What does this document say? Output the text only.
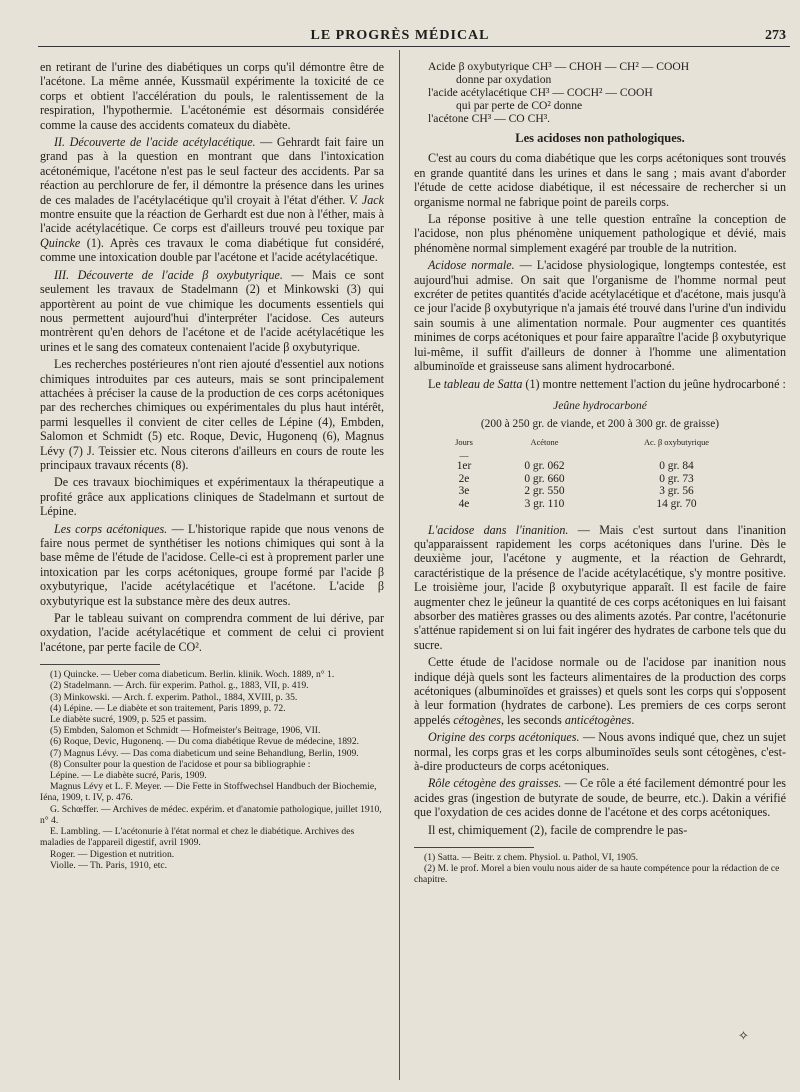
LE PROGRÈS MÉDICAL	273

en retirant de l'urine des diabétiques un corps qu'il démontre être de l'acétone. La même année, Kussmaül expérimente la toxicité de ce corps et obtient l'accélération du pouls, le ralentissement de la respiration, l'hypothermie. L'acétonémie est désormais considérée comme la cause des accidents comateux du diabète.

II. Découverte de l'acide acétylacétique. — Gehrardt fait faire un grand pas à la question en montrant que dans l'intoxication acétonémique, l'acétone n'est pas le seul facteur des accidents. Par sa réaction au perchlorure de fer, il démontre la présence dans les urines de ces malades de l'acétylacétique qu'il croyait à l'état d'éther. V. Jack montre ensuite que la réaction de Gerhardt est due non à l'éther, mais à l'acide acétylacétique. Ce corps est d'ailleurs trouvé peu toxique par Quincke (1). Après ces travaux le coma diabétique fut considéré, comme une intoxication double par l'acétone et l'acide acétylacétique.

III. Découverte de l'acide β oxybutyrique. — Mais ce sont seulement les travaux de Stadelmann (2) et Minkowski (3) qui apportèrent au point de vue chimique les documents essentiels qui nous permettent aujourd'hui d'interpréter l'acidose. Ces auteurs montrèrent qu'en dehors de l'acétone et de l'acide acétylacétique les urines et le sang des comateux contenaient l'acide β oxybutyrique.

Les recherches postérieures n'ont rien ajouté d'essentiel aux notions chimiques introduites par ces auteurs, mais se sont principalement attachées à préciser la cause de la production de ces corps acétoniques par des recherches chimiques ou expérimentales du plus haut intérêt, parmi lesquelles il convient de citer celles de Lépine (4), Embden, Salomon et Schmidt (5) etc. Roque, Devic, Hugonenq (6), Magnus Lévy (7) J. Teissier etc. Nous citerons d'ailleurs en cours de route les principaux travaux récents (8).

De ces travaux biochimiques et expérimentaux la thérapeutique a profité grâce aux applications cliniques de Stadelmann et surtout de Lépine.

Les corps acétoniques. — L'historique rapide que nous venons de faire nous permet de synthétiser les notions chimiques qui sont à la base même de l'étude de l'acidose. Celle-ci est à proprement parler une intoxication par les corps acétoniques, groupe formé par l'acide β oxybutyrique, l'acide acétylacétique et l'acétone. L'acide β oxybutyrique est la substance mère des deux autres.

Par le tableau suivant on comprendra comment de lui dérive, par oxydation, l'acide acétylacétique et comment de celui ci provient l'acétone, par perte facile de CO².

(1) Quincke. — Ueber coma diabeticum. Berlin. klinik. Woch. 1889, n° 1.

(2) Stadelmann. — Arch. für experim. Pathol. g., 1883, VII, p. 419.

(3) Minkowski. — Arch. f. experim. Pathol., 1884, XVIII, p. 35.

(4) Lépine. — Le diabète et son traitement, Paris 1899, p. 72.

Le diabète sucré, 1909, p. 525 et passim.

(5) Embden, Salomon et Schmidt — Hofmeister's Beitrage, 1906, VII.

(6) Roque, Devic, Hugonenq. — Du coma diabétique Revue de médecine, 1892.

(7) Magnus Lévy. — Das coma diabeticum und seine Behandlung, Berlin, 1909.

(8) Consulter pour la question de l'acidose et pour sa bibliographie :

Lépine. — Le diabète sucré, Paris, 1909.

Magnus Lévy et L. F. Meyer. — Die Fette in Stoffwechsel Handbuch der Biochemie, Iéna, 1909, t. IV, p. 476.

G. Schœffer. — Archives de médec. expérim. et d'anatomie pathologique, juillet 1910, n° 4.

E. Lambling. — L'acétonurie à l'état normal et chez le diabétique. Archives des maladies de l'appareil digestif, avril 1909.

Roger. — Digestion et nutrition.

Violle. — Th. Paris, 1910, etc.

Acide β oxybutyrique CH³ — CHOH — CH² — COOH
donne par oxydation
l'acide acétylacétique CH³ — COCH² — COOH
qui par perte de CO² donne
l'acétone CH³ — CO CH³.
Les acidoses non pathologiques.

C'est au cours du coma diabétique que les corps acétoniques sont trouvés en grande quantité dans les urines et dans le sang ; mais avant d'aborder l'étude de cette acidose diabétique, il est nécessaire de rechercher si un organisme normal ne fabrique point de pareils corps.

La réponse positive à une telle question entraîne la conception de l'acidose, non plus phénomène uniquement pathologique et dévié, mais phénomène normal simplement exagéré par trouble de la nutrition.

Acidose normale. — L'acidose physiologique, longtemps contestée, est aujourd'hui admise. On sait que l'organisme de l'homme normal peut excréter de petites quantités d'acide acétylacétique et d'acétone, mais jusqu'à ce jour l'acide β oxybutyrique n'a jamais été trouvé dans l'urine d'un individu sain soumis à une alimentation normale. Pour augmenter ces quantités minimes de corps acétoniques et pour faire apparaître l'acide β oxybutyrique lui-même, il suffit d'ailleurs de donner à l'homme une alimentation albuminoïde et graisseuse sans aliment hydrocarboné.

Le tableau de Satta (1) montre nettement l'action du jeûne hydrocarboné :

Jeûne hydrocarboné
(200 à 250 gr. de viande, et 200 à 300 gr. de graisse)
Jours	Acétone	Ac. β oxybutyrique
—		
1er	0 gr. 062	0 gr. 84
2e	0 gr. 660	0 gr. 73
3e	2 gr. 550	3 gr. 56
4e	3 gr. 110	14 gr. 70

L'acidose dans l'inanition. — Mais c'est surtout dans l'inanition qu'apparaissent rapidement les corps acétoniques dans l'urine. Dès le deuxième jour, l'acétone y augmente, et la réaction de Gehrardt, caractéristique de la présence de l'acide acétylacétique, s'y montre positive. Le troisième jour, l'acide β oxybutyrique apparaît. Il est facile de faire augmenter chez le jeûneur la quantité de ces corps acétoniques en lui faisant absorber des matières grasses ou des aliments azotés. Par contre, l'acétonurie s'atténue rapidement si on lui fait ingérer des hydrates de carbone tels que du sucre.

Cette étude de l'acidose normale ou de l'acidose par inanition nous indique déjà quels sont les facteurs alimentaires de la production des corps acétoniques (albuminoïdes et graisses) et quels sont les corps qui s'opposent à leur formation (hydrates de carbone). Les premiers de ces corps seront appelés cétogènes, les seconds anticétogènes.

Origine des corps acétoniques. — Nous avons indiqué que, chez un sujet normal, les corps gras et les corps albuminoïdes seuls sont cétogènes, c'est-à-dire producteurs de corps acétoniques.

Rôle cétogène des graisses. — Ce rôle a été facilement démontré pour les acides gras (ingestion de butyrate de soude, de beurre, etc.). Dakin a vérifié que l'oxydation de ces acides donne de l'acétone et des corps acétoniques.

Il est, chimiquement (2), facile de comprendre le pas-

(1) Satta. — Beitr. z chem. Physiol. u. Pathol, VI, 1905.

(2) M. le prof. Morel a bien voulu nous aider de sa haute compétence pour la rédaction de ce chapitre.

✧
